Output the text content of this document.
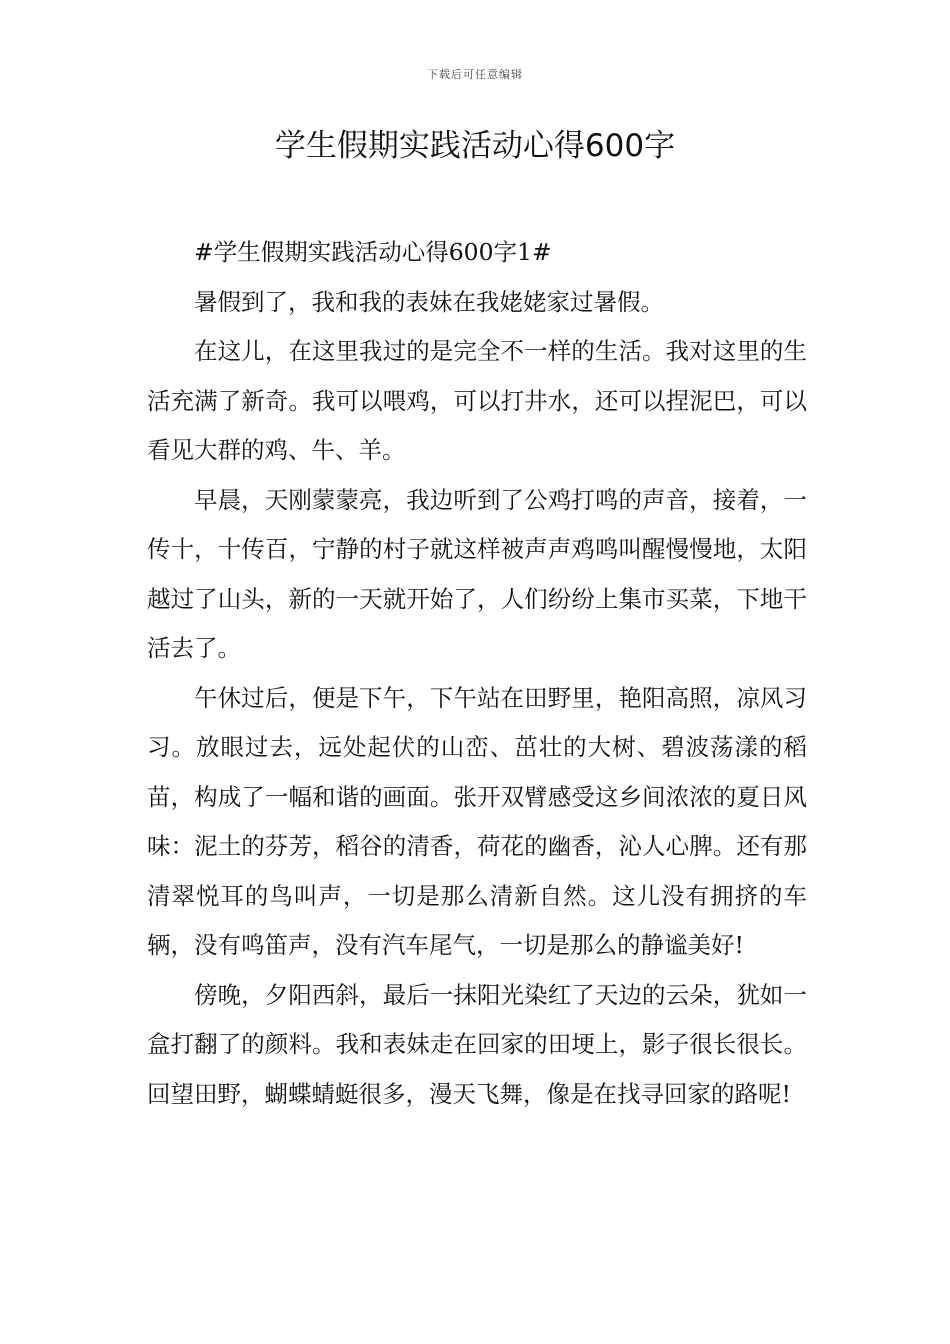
下载后可任意编辑
学生假期实践活动心得600字

#学生假期实践活动心得600字1#

暑假到了，我和我的表妹在我姥姥家过暑假。

在这儿，在这里我过的是完全不一样的生活。我对这里的生活充满了新奇。我可以喂鸡，可以打井水，还可以捏泥巴，可以看见大群的鸡、牛、羊。

早晨，天刚蒙蒙亮，我边听到了公鸡打鸣的声音，接着，一传十，十传百，宁静的村子就这样被声声鸡鸣叫醒慢慢地，太阳越过了山头，新的一天就开始了，人们纷纷上集市买菜，下地干活去了。

午休过后，便是下午，下午站在田野里，艳阳高照，凉风习习。放眼过去，远处起伏的山峦、茁壮的大树、碧波荡漾的稻苗，构成了一幅和谐的画面。张开双臂感受这乡间浓浓的夏日风味：泥土的芬芳，稻谷的清香，荷花的幽香，沁人心脾。还有那清翠悦耳的鸟叫声，一切是那么清新自然。这儿没有拥挤的车辆，没有鸣笛声，没有汽车尾气，一切是那么的静谧美好!

傍晚，夕阳西斜，最后一抹阳光染红了天边的云朵，犹如一盒打翻了的颜料。我和表妹走在回家的田埂上，影子很长很长。回望田野，蝴蝶蜻蜓很多，漫天飞舞，像是在找寻回家的路呢!
